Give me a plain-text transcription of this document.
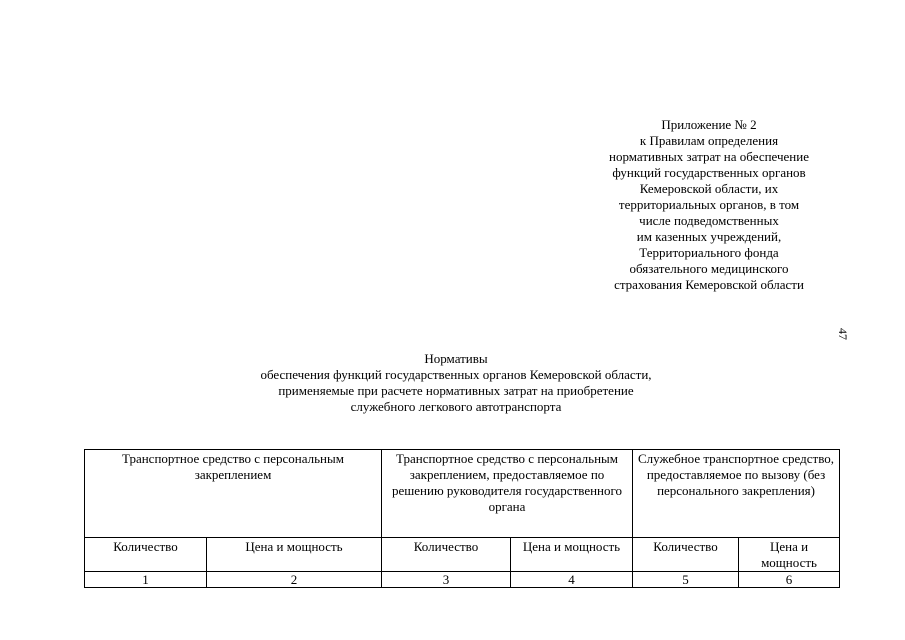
Приложение № 2
к Правилам определения
нормативных затрат на обеспечение
функций государственных органов
Кемеровской области, их
территориальных органов, в том
числе подведомственных
им казенных учреждений,
Территориального фонда
обязательного медицинского
страхования Кемеровской области
47
Нормативы
обеспечения функций государственных органов Кемеровской области,
применяемые при расчете нормативных затрат на приобретение
служебного легкового автотранспорта
Транспортное средство с персональным закреплением		Транспортное средство с персональным закреплением, предоставляемое по решению руководителя государственного органа		Служебное транспортное средство, предоставляемое по вызову (без персонального закрепления)	
Количество	Цена и мощность	Количество	Цена и мощность	Количество	Цена и мощность
1	2	3	4	5	6
